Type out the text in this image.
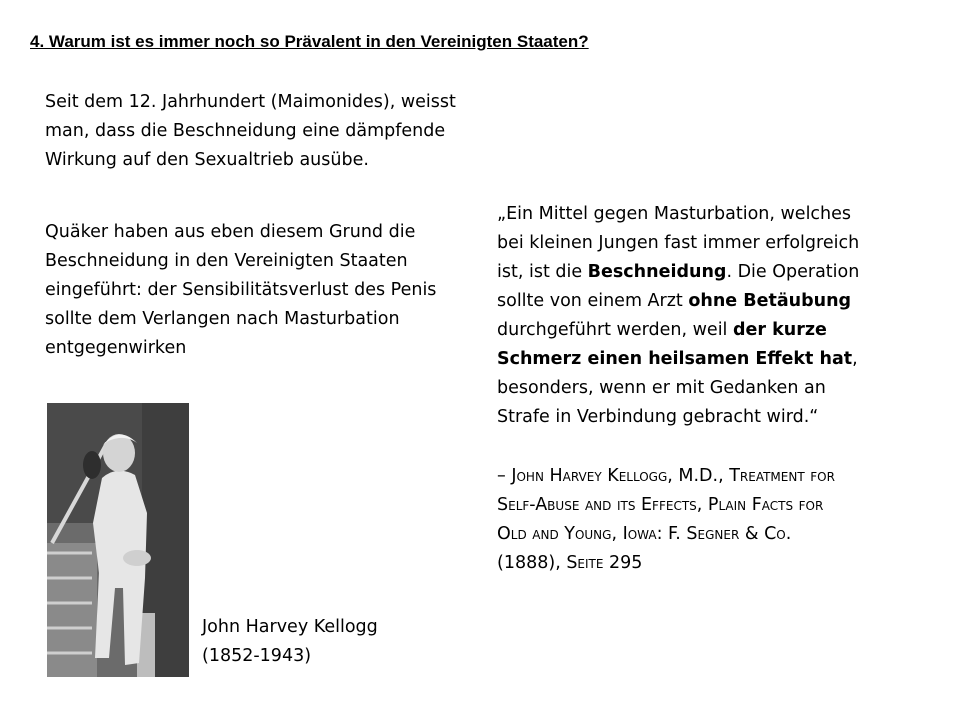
4. Warum ist es immer noch so Prävalent in den Vereinigten Staaten?

Seit dem 12. Jahrhundert (Maimonides), weisst
man, dass die Beschneidung eine dämpfende
Wirkung auf den Sexualtrieb ausübe.

Quäker haben aus eben diesem Grund die
Beschneidung in den Vereinigten Staaten
eingeführt: der Sensibilitätsverlust des Penis
sollte dem Verlangen nach Masturbation
entgegenwirken

„Ein Mittel gegen Masturbation, welches
bei kleinen Jungen fast immer erfolgreich
ist, ist die Beschneidung. Die Operation
sollte von einem Arzt ohne Betäubung
durchgeführt werden, weil der kurze
Schmerz einen heilsamen Effekt hat,
besonders, wenn er mit Gedanken an
Strafe in Verbindung gebracht wird.“

– John Harvey Kellogg, M.D., Treatment for
Self-Abuse and its Effects, Plain Facts for
Old and Young, Iowa: F. Segner & Co.
(1888), Seite 295

John Harvey Kellogg
(1852-1943)
